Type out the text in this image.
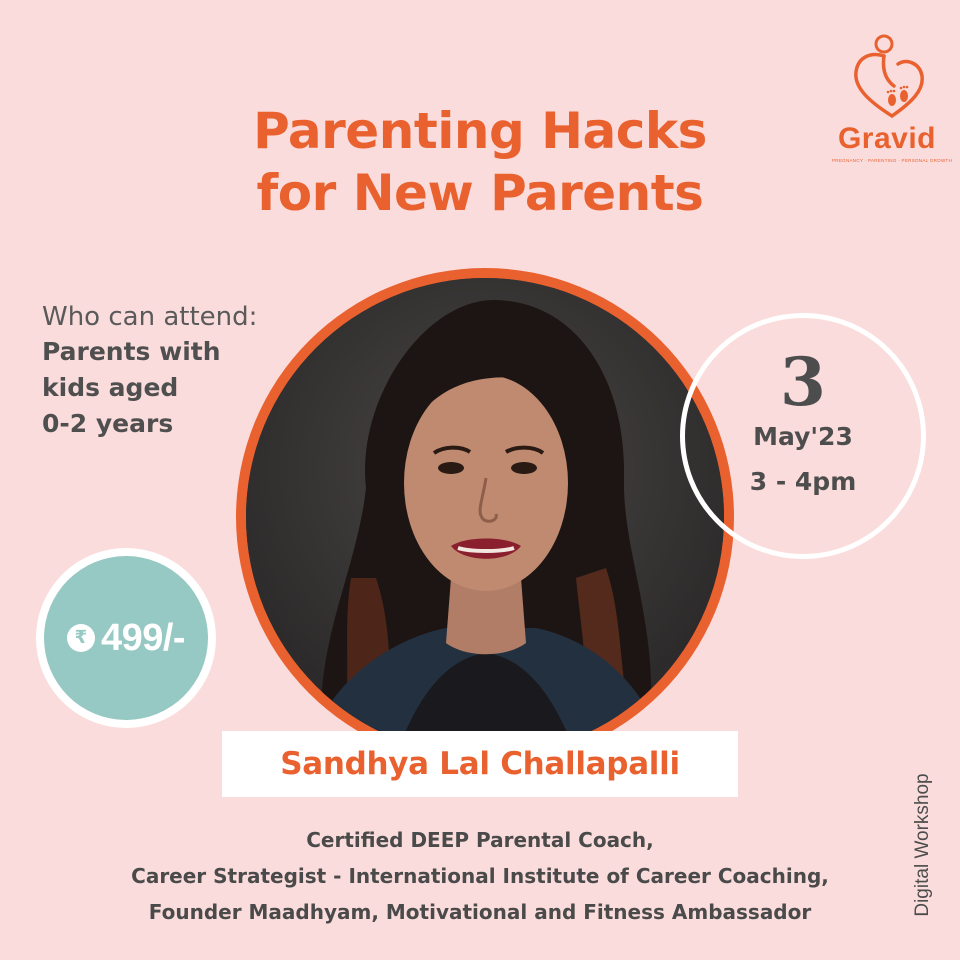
Parenting Hacks
for New Parents
Gravid
PREGNANCY · PARENTING · PERSONAL GROWTH
Who can attend:
Parents with
kids aged
0-2 years
3
May'23
3 - 4pm
₹ 499/-
Sandhya Lal Challapalli
Certified DEEP Parental Coach,
Career Strategist - International Institute of Career Coaching,
Founder Maadhyam, Motivational and Fitness Ambassador	Digital Workshop
